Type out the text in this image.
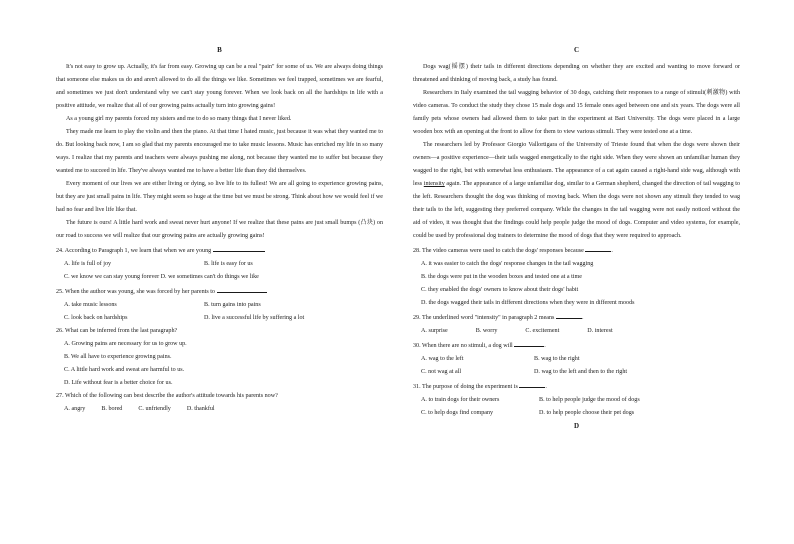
B

It's not easy to grow up. Actually, it's far from easy. Growing up can be a real "pain" for some of us. We are always doing things that someone else makes us do and aren't allowed to do all the things we like. Sometimes we feel trapped, sometimes we are fearful, and sometimes we just don't understand why we can't stay young forever. When we look back on all the hardships in life with a positive attitude, we realize that all of our growing pains actually turn into growing gains!

As a young girl my parents forced my sisters and me to do so many things that I never liked.

They made me learn to play the violin and then the piano. At that time I hated music, just because it was what they wanted me to do. But looking back now, I am so glad that my parents encouraged me to take music lessons. Music has enriched my life in so many ways. I realize that my parents and teachers were always pushing me along, not because they wanted me to suffer but because they wanted me to succeed in life. They've always wanted me to have a better life than they did themselves.

Every moment of our lives we are either living or dying, so live life to its fullest! We are all going to experience growing pains, but they are just small pains in life. They might seem so huge at the time but we must be strong. Think about how we would feel if we had no fear and live life like that.

The future is ours! A little hard work and sweat never hurt anyone! If we realize that these pains are just small bumps (凸块) on our road to success we will realize that our growing pains are actually growing gains!

24. According to Paragraph 1, we learn that when we are young

A. life is full of joy	B. life is easy for us
C. we know we can stay young forever D. we sometimes can't do things we like

25. When the author was young, she was forced by her parents to

A. take music lessons	B. turn gains into pains
C. look back on hardships	D. live a successful life by suffering a lot

26. What can be inferred from the last paragraph?

A. Growing pains are necessary for us to grow up.
B. We all have to experience growing pains.
C. A little hard work and sweat are harmful to us.
D. Life without fear is a better choice for us.

27. Which of the following can best describe the author's attitude towards his parents now?

A. angry	B. bored	C. unfriendly	D. thankful
C

Dogs wag(摇摆) their tails in different directions depending on whether they are excited and wanting to move forward or threatened and thinking of moving back, a study has found.

Researchers in Italy examined the tail wagging behavior of 30 dogs, catching their responses to a range of stimuli(刺激物) with video cameras. To conduct the study they chose 15 male dogs and 15 female ones aged between one and six years. The dogs were all family pets whose owners had allowed them to take part in the experiment at Bari University. The dogs were placed in a large wooden box with an opening at the front to allow for them to view various stimuli. They were tested one at a time.

The researchers led by Professor Giorgio Vallortigara of the University of Trieste found that when the dogs were shown their owners—a positive experience—their tails wagged energetically to the right side. When they were shown an unfamiliar human they wagged to the right, but with somewhat less enthusiasm. The appearance of a cat again caused a right-hand side wag, although with less intensity again. The appearance of a large unfamiliar dog, similar to a German shepherd, changed the direction of tail wagging to the left. Researchers thought the dog was thinking of moving back. When the dogs were not shown any stimuli they tended to wag their tails to the left, suggesting they preferred company. While the changes in the tail wagging were not easily noticed without the aid of video, it was thought that the findings could help people judge the mood of dogs. Computer and video systems, for example, could be used by professional dog trainers to determine the mood of dogs that they were required to approach.

28. The video cameras were used to catch the dogs' responses because	.

A. it was easier to catch the dogs' response changes in the tail wagging
B. the dogs were put in the wooden boxes and tested one at a time
C. they enabled the dogs' owners to know about their dogs' habit
D. the dogs wagged their tails in different directions when they were in different moods

29. The underlined word "intensity" in paragraph 2 means	.

A. surprise	B. worry	C. excitement	D. interest

30. When there are no stimuli, a dog will	.

A. wag to the left	B. wag to the right
C. not wag at all	D. wag to the left and then to the right

31. The purpose of doing the experiment is	.

A. to train dogs for their owners	B. to help people judge the mood of dogs
C. to help dogs find company	D. to help people choose their pet dogs
D
